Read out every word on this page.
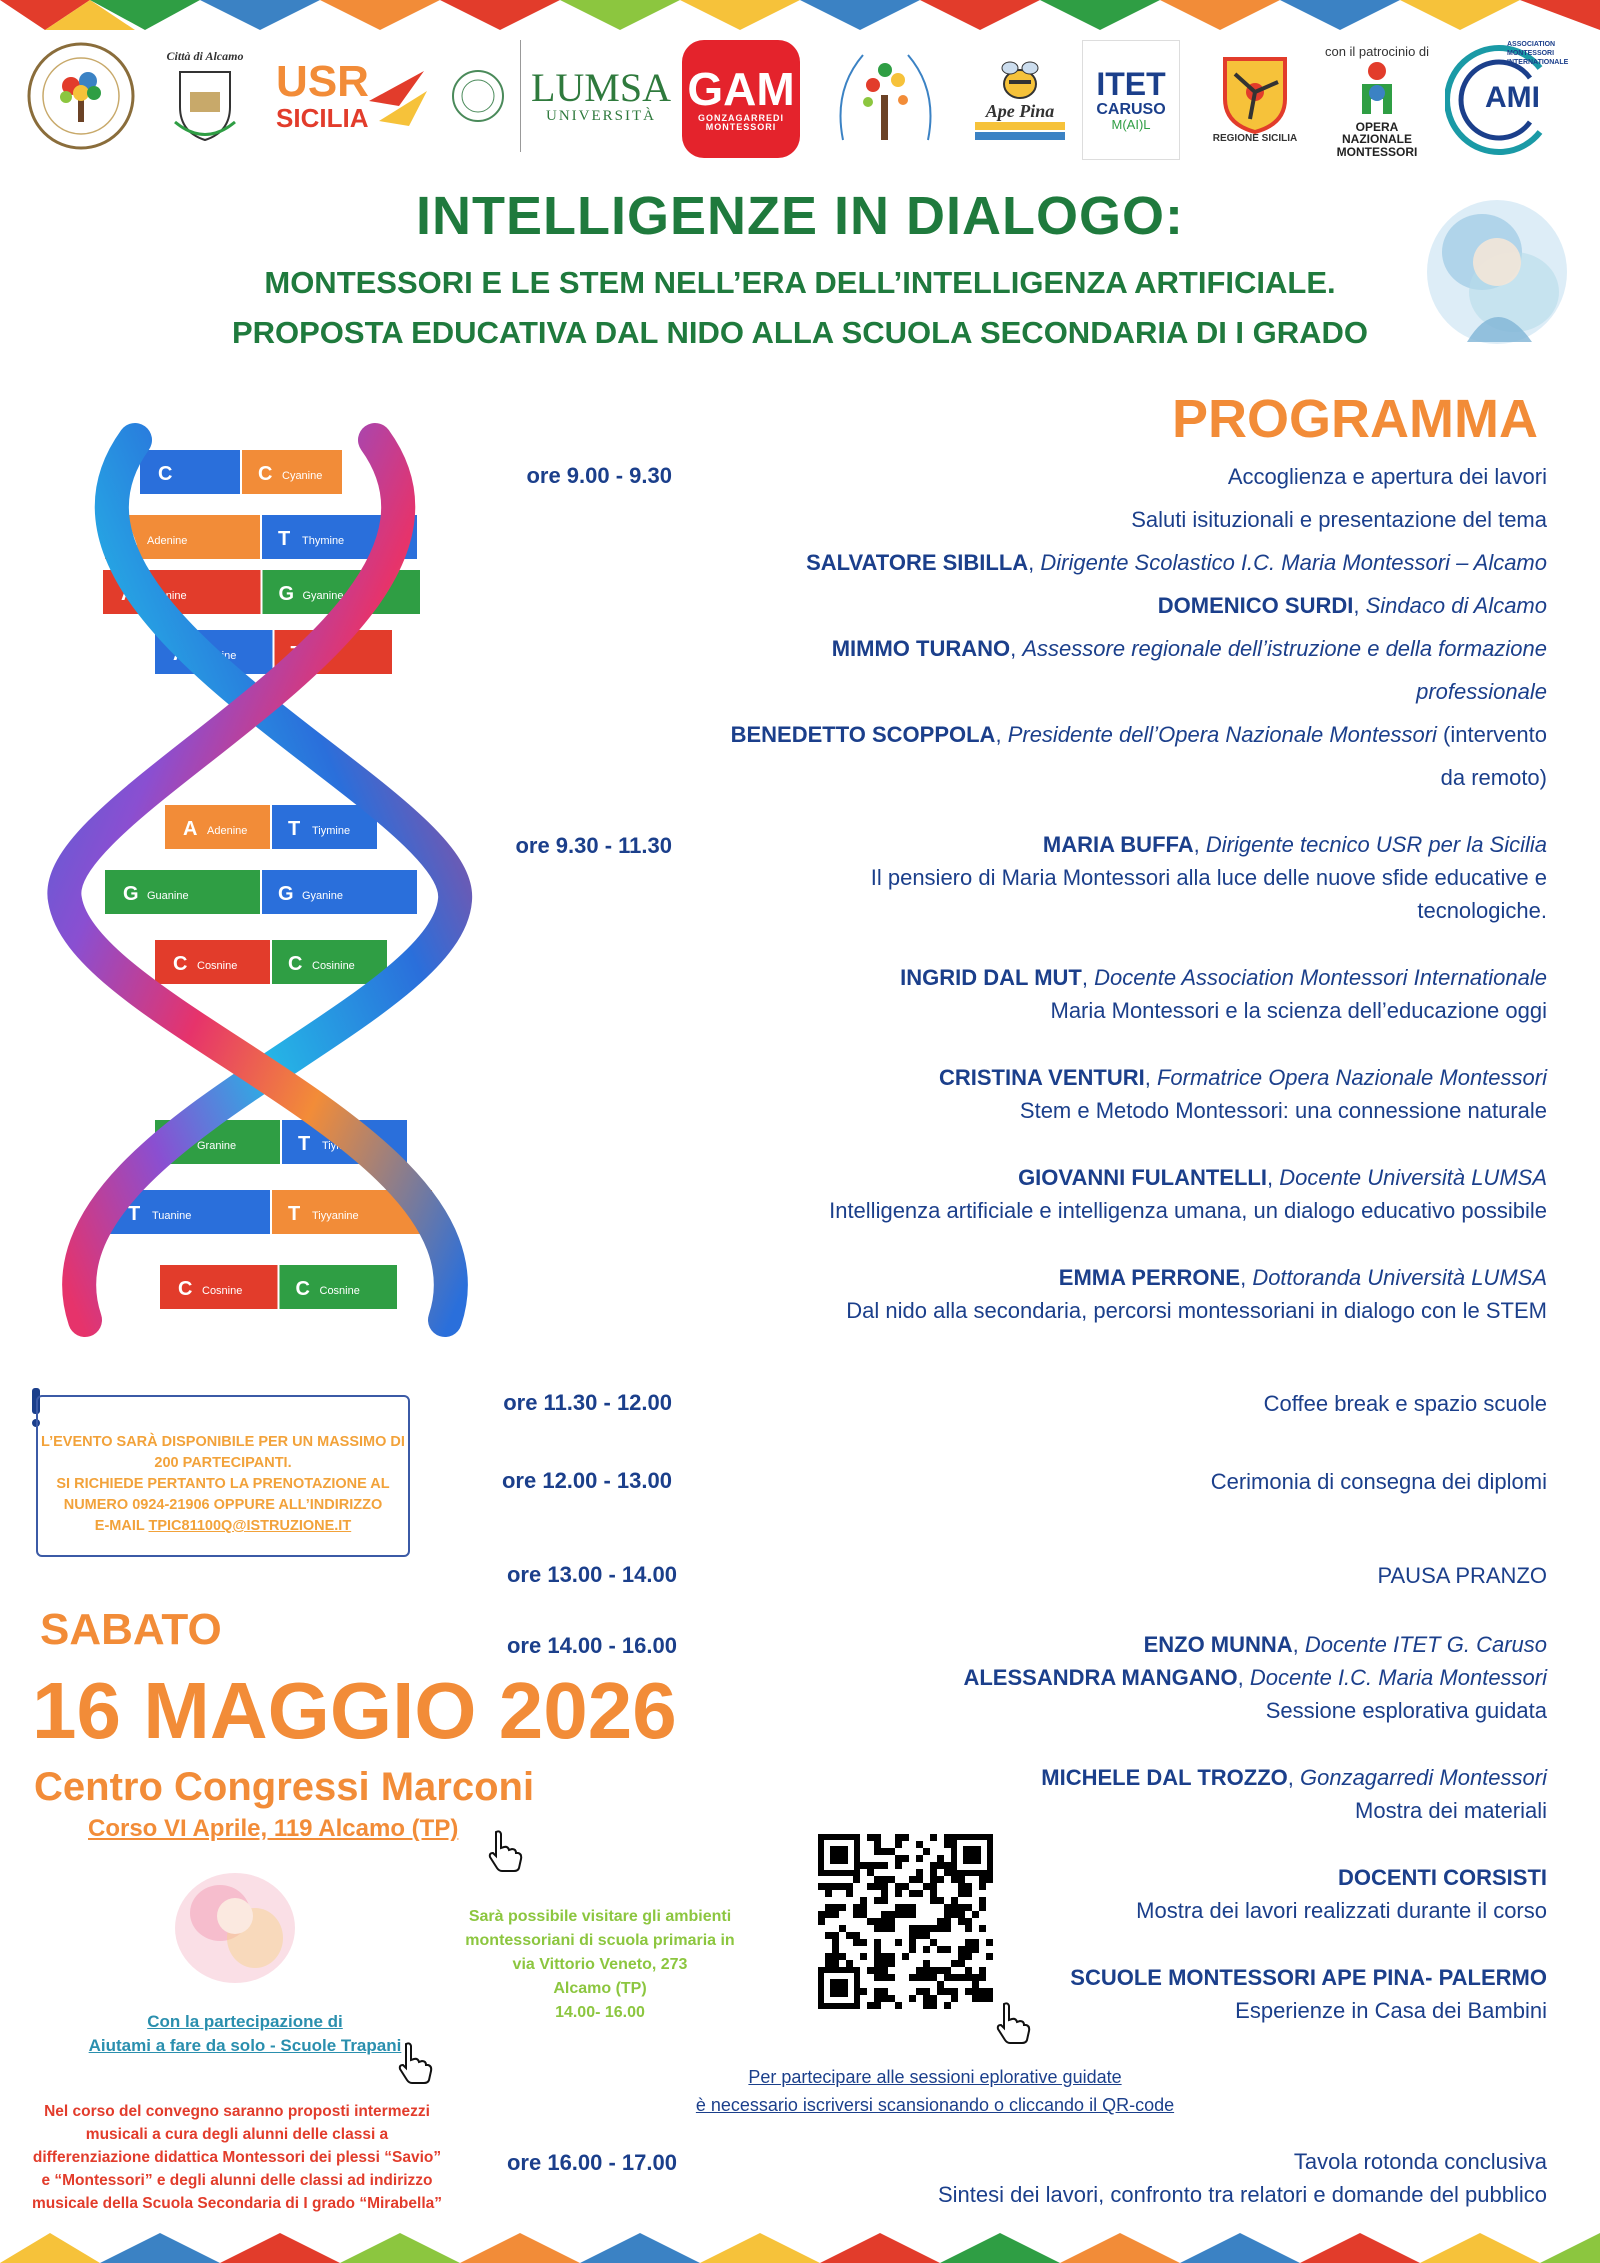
Città di Alcamo
USR
SICILIA
LUMSA
UNIVERSITÀ
GAM
GONZAGARREDI MONTESSORI
Ape Pina
ITET
CARUSO
M(AI)L
REGIONE SICILIA
con il patrocinio di
OPERA NAZIONALE MONTESSORI
AMI
ASSOCIATION MONTESSORI INTERNATIONALE
INTELLIGENZE IN DIALOGO:
MONTESSORI E LE STEM NELL’ERA DELL’INTELLIGENZA ARTIFICIALE.
PROPOSTA EDUCATIVA DAL NIDO ALLA SCUOLA SECONDARIA DI I GRADO
PROGRAMMA
C	C Cyanine
A Adenine	T Thymine
A Guanine	G Gyanine
A Tuanine	T
A Adenine T Tiymine
G Guanine	G Gyanine
C Cosnine	C Cosinine
A Granine	T Tiymine
T Tuanine	T Tiyyanine
C Cosnine	C Cosnine
ore 9.00 - 9.30	Accoglienza e apertura dei lavori
Saluti isituzionali e presentazione del tema
SALVATORE SIBILLA, Dirigente Scolastico I.C. Maria Montessori – Alcamo
DOMENICO SURDI, Sindaco di Alcamo
MIMMO TURANO, Assessore regionale dell’istruzione e della formazione
professionale
BENEDETTO SCOPPOLA, Presidente dell’Opera Nazionale Montessori (intervento
da remoto)
ore 9.30 - 11.30	MARIA BUFFA, Dirigente tecnico USR per la Sicilia
Il pensiero di Maria Montessori alla luce delle nuove sfide educative e
tecnologiche.
INGRID DAL MUT, Docente Association Montessori Internationale
Maria Montessori e la scienza dell’educazione oggi
CRISTINA VENTURI, Formatrice Opera Nazionale Montessori
Stem e Metodo Montessori: una connessione naturale
GIOVANNI FULANTELLI, Docente Università LUMSA
Intelligenza artificiale e intelligenza umana, un dialogo educativo possibile
EMMA PERRONE, Dottoranda Università LUMSA
Dal nido alla secondaria, percorsi montessoriani in dialogo con le STEM
ore 11.30 - 12.00	Coffee break e spazio scuole
ore 12.00 - 13.00	Cerimonia di consegna dei diplomi
ore 13.00 - 14.00	PAUSA PRANZO
ore 14.00 - 16.00	ENZO MUNNA, Docente ITET G. Caruso
ALESSANDRA MANGANO, Docente I.C. Maria Montessori
Sessione esplorativa guidata
MICHELE DAL TROZZO, Gonzagarredi Montessori
Mostra dei materiali
DOCENTI CORSISTI
Mostra dei lavori realizzati durante il corso
SCUOLE MONTESSORI APE PINA- PALERMO
Esperienze in Casa dei Bambini
ore 16.00 - 17.00	Tavola rotonda conclusiva
Sintesi dei lavori, confronto tra relatori e domande del pubblico
L’EVENTO SARÀ DISPONIBILE PER UN MASSIMO DI
200 PARTECIPANTI.
SI RICHIEDE PERTANTO LA PRENOTAZIONE AL
NUMERO 0924-21906 OPPURE ALL’INDIRIZZO
E-MAIL TPIC81100Q@ISTRUZIONE.IT
SABATO
16 MAGGIO 2026
Centro Congressi Marconi
Corso VI Aprile, 119 Alcamo (TP)
Sarà possibile visitare gli ambienti
montessoriani di scuola primaria in
via Vittorio Veneto, 273
Alcamo (TP)
14.00- 16.00
Con la partecipazione di
Aiutami a fare da solo - Scuole Trapani
Nel corso del convegno saranno proposti intermezzi
musicali a cura degli alunni delle classi a
differenziazione didattica Montessori dei plessi “Savio”
e “Montessori” e degli alunni delle classi ad indirizzo
musicale della Scuola Secondaria di I grado “Mirabella”
Per partecipare alle sessioni eplorative guidate
è necessario iscriversi scansionando o cliccando il QR-code
